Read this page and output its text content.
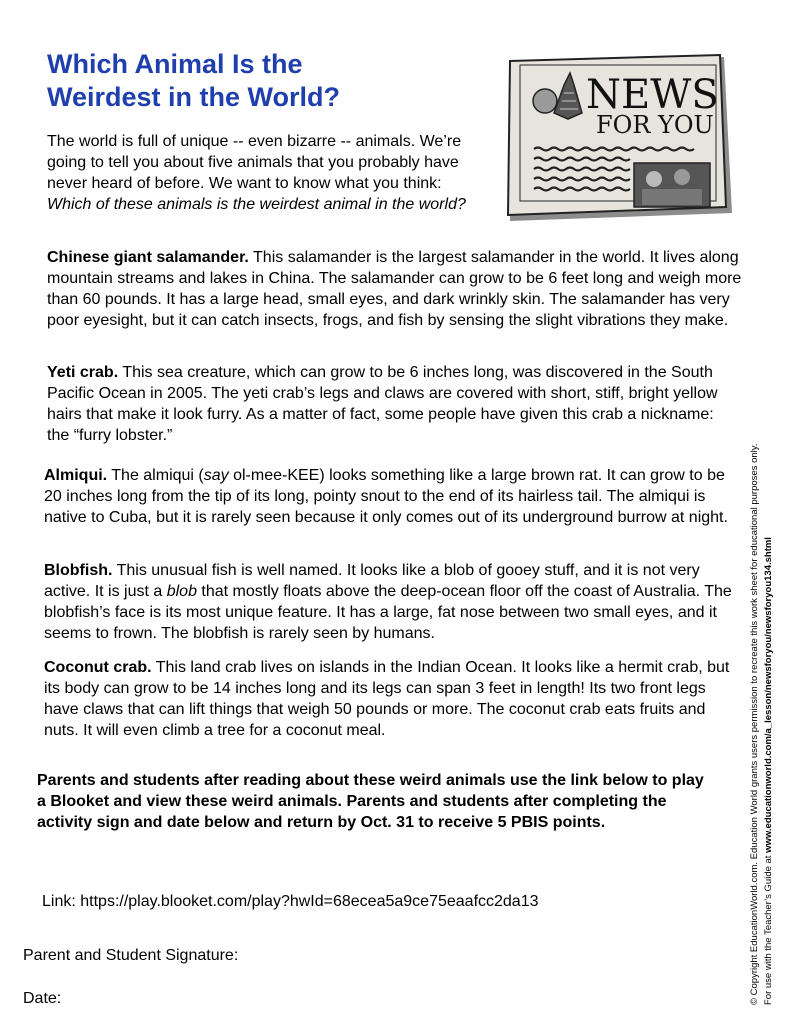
Which Animal Is the
Weirdest in the World?	NEWS
FOR YOU
The world is full of unique -- even bizarre -- animals. We’re going to tell you about five animals that you probably have never heard of before. We want to know what you think: Which of these animals is the weirdest animal in the world?
Chinese giant salamander. This salamander is the largest salamander in the world. It lives along mountain streams and lakes in China. The salamander can grow to be 6 feet long and weigh more than 60 pounds. It has a large head, small eyes, and dark wrinkly skin. The salamander has very poor eyesight, but it can catch insects, frogs, and fish by sensing the slight vibrations they make.
Yeti crab. This sea creature, which can grow to be 6 inches long, was discovered in the South Pacific Ocean in 2005. The yeti crab’s legs and claws are covered with short, stiff, bright yellow hairs that make it look furry. As a matter of fact, some people have given this crab a nickname: the “furry lobster.”
Almiqui. The almiqui (say ol-mee-KEE) looks something like a large brown rat. It can grow to be 20 inches long from the tip of its long, pointy snout to the end of its hairless tail. The almiqui is native to Cuba, but it is rarely seen because it only comes out of its underground burrow at night.
Blobfish. This unusual fish is well named. It looks like a blob of gooey stuff, and it is not very active. It is just a blob that mostly floats above the deep-ocean floor off the coast of Australia. The blobfish’s face is its most unique feature. It has a large, fat nose between two small eyes, and it seems to frown. The blobfish is rarely seen by humans.
Coconut crab. This land crab lives on islands in the Indian Ocean. It looks like a hermit crab, but its body can grow to be 14 inches long and its legs can span 3 feet in length! Its two front legs have claws that can lift things that weigh 50 pounds or more. The coconut crab eats fruits and nuts. It will even climb a tree for a coconut meal.
Parents and students after reading about these weird animals use the link below to play a Blooket and view these weird animals. Parents and students after completing the activity sign and date below and return by Oct. 31 to receive 5 PBIS points.
Link: https://play.blooket.com/play?hwId=68ecea5a9ce75eaafcc2da13
Parent and Student Signature:
Date:	© Copyright EducationWorld.com. Education World grants users permission to recreate this work sheet for educational purposes only. For use with the Teacher’s Guide at www.educationworld.com/a_lesson/newsforyou/newsforyou134.shtml
